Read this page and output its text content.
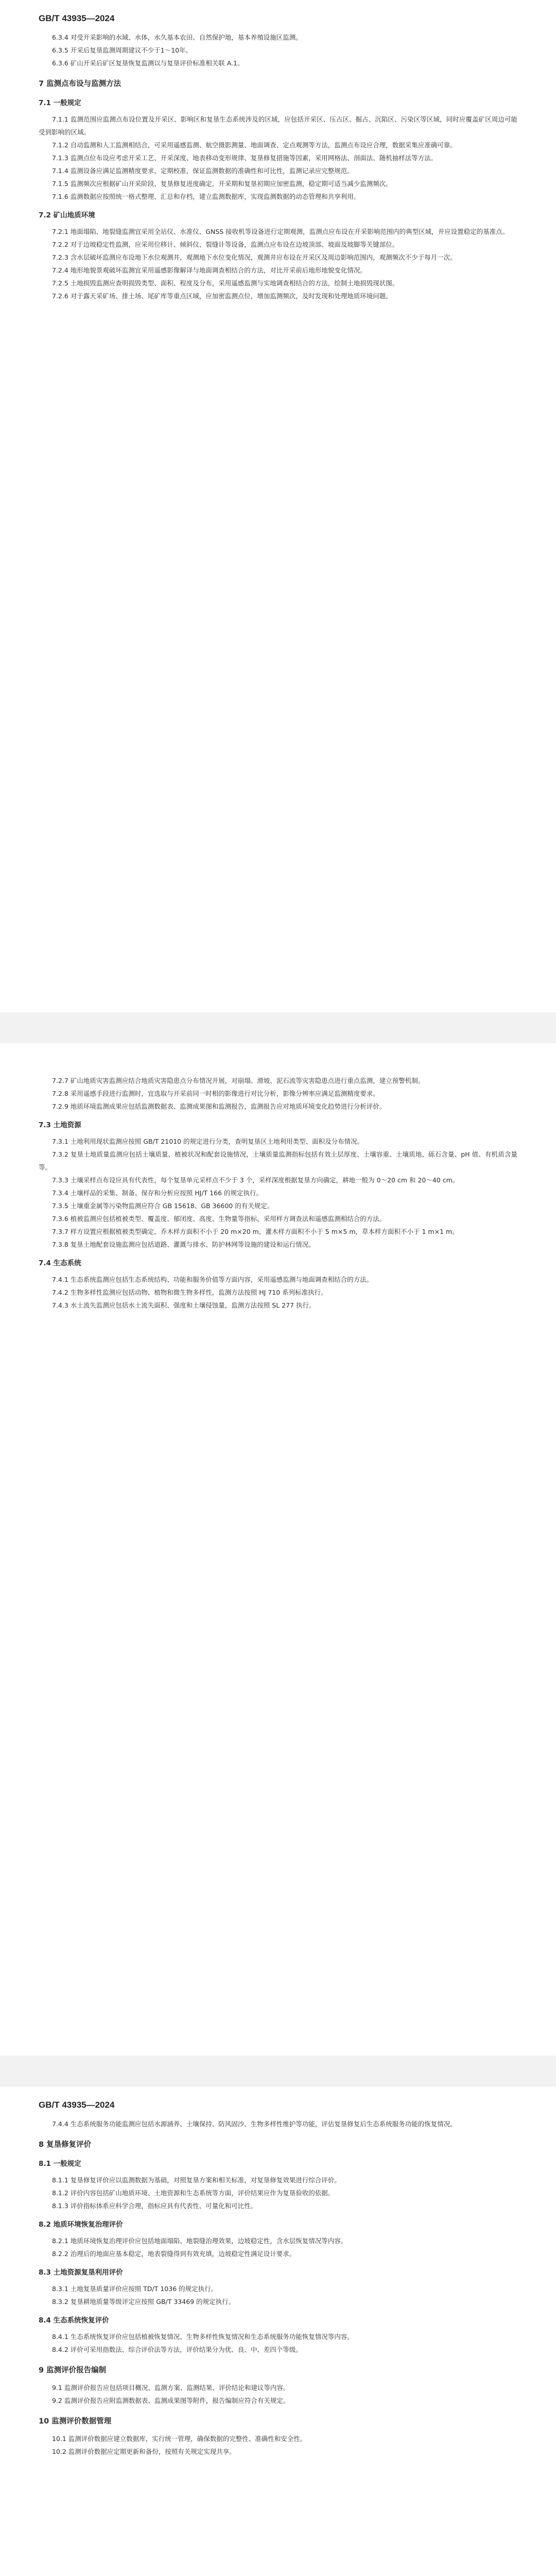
GB/T 43935—2024

6.3.4 对受开采影响的水域、水体，水久基本农田、自然保护地，基本养殖设施区监测。

6.3.5 开采后复垦监测周期建议不少于1～10年。

6.3.6 矿山开采后矿区复垦恢复监测以与复垦评价标准相关联 A.1。

7 监测点布设与监测方法
7.1 一般规定

7.1.1 监测范围应监测点布设位置及开采区、影响区和复垦生态系统涉及的区域，应包括开采区、压占区、掘占、沉陷区、污染区等区域，同时应覆盖矿区周边可能受到影响的区域。

7.1.2 自动监测和人工监测相结合，可采用遥感监测、航空摄影测量、地面调查、定点观测等方法，监测点布设应合理，数据采集应准确可靠。

7.1.3 监测点位布设应考虑开采工艺、开采深度、地表移动变形规律、复垦修复措施等因素，采用网格法、剖面法、随机抽样法等方法。

7.1.4 监测设备应满足监测精度要求，定期校准，保证监测数据的准确性和可比性，监测记录应完整规范。

7.1.5 监测频次应根据矿山开采阶段、复垦修复进度确定，开采期和复垦初期应加密监测，稳定期可适当减少监测频次。

7.1.6 监测数据应按照统一格式整理、汇总和存档，建立监测数据库，实现监测数据的动态管理和共享利用。

7.2 矿山地质环境

7.2.1 地面塌陷、地裂缝监测宜采用全站仪、水准仪、GNSS 接收机等设备进行定期观测，监测点应布设在开采影响范围内的典型区域，并应设置稳定的基准点。

7.2.2 对于边坡稳定性监测，应采用位移计、倾斜仪、裂缝计等设备，监测点应布设在边坡顶部、坡面及坡脚等关键部位。

7.2.3 含水层破坏监测应布设地下水位观测井，观测地下水位变化情况，观测井应布设在开采区及周边影响范围内，观测频次不少于每月一次。

7.2.4 地形地貌景观破坏监测宜采用遥感影像解译与地面调查相结合的方法，对比开采前后地形地貌变化情况。

7.2.5 土地损毁监测应查明损毁类型、面积、程度及分布，采用遥感监测与实地调查相结合的方法，绘制土地损毁现状图。

7.2.6 对于露天采矿场、排土场、尾矿库等重点区域，应加密监测点位，增加监测频次，及时发现和处理地质环境问题。

7.2.7 矿山地质灾害监测应结合地质灾害隐患点分布情况开展，对崩塌、滑坡、泥石流等灾害隐患点进行重点监测，建立预警机制。

7.2.8 采用遥感手段进行监测时，宜选取与开采前同一时相的影像进行对比分析，影像分辨率应满足监测精度要求。

7.2.9 地质环境监测成果应包括监测数据表、监测成果图和监测报告，监测报告应对地质环境变化趋势进行分析评价。

7.3 土地资源

7.3.1 土地利用现状监测应按照 GB/T 21010 的规定进行分类，查明复垦区土地利用类型、面积及分布情况。

7.3.2 复垦土地质量监测应包括土壤质量、植被状况和配套设施情况，土壤质量监测指标包括有效土层厚度、土壤容重、土壤质地、砾石含量、pH 值、有机质含量等。

7.3.3 土壤采样点布设应具有代表性，每个复垦单元采样点不少于 3 个，采样深度根据复垦方向确定，耕地一般为 0～20 cm 和 20～40 cm。

7.3.4 土壤样品的采集、制备、保存和分析应按照 HJ/T 166 的规定执行。

7.3.5 土壤重金属等污染物监测应符合 GB 15618、GB 36600 的有关规定。

7.3.6 植被监测应包括植被类型、覆盖度、郁闭度、高度、生物量等指标，采用样方调查法和遥感监测相结合的方法。

7.3.7 样方设置应根据植被类型确定，乔木样方面积不小于 20 m×20 m，灌木样方面积不小于 5 m×5 m，草本样方面积不小于 1 m×1 m。

7.3.8 复垦土地配套设施监测应包括道路、灌溉与排水、防护林网等设施的建设和运行情况。

7.4 生态系统

7.4.1 生态系统监测应包括生态系统结构、功能和服务价值等方面内容，采用遥感监测与地面调查相结合的方法。

7.4.2 生物多样性监测应包括动物、植物和微生物多样性，监测方法按照 HJ 710 系列标准执行。

7.4.3 水土流失监测应包括水土流失面积、强度和土壤侵蚀量，监测方法按照 SL 277 执行。

GB/T 43935—2024

7.4.4 生态系统服务功能监测应包括水源涵养、土壤保持、防风固沙、生物多样性维护等功能，评估复垦修复后生态系统服务功能的恢复情况。

8 复垦修复评价
8.1 一般规定

8.1.1 复垦修复评价应以监测数据为基础，对照复垦方案和相关标准，对复垦修复效果进行综合评价。

8.1.2 评价内容包括矿山地质环境、土地资源和生态系统等方面，评价结果应作为复垦验收的依据。

8.1.3 评价指标体系应科学合理，指标应具有代表性、可量化和可比性。

8.2 地质环境恢复治理评价

8.2.1 地质环境恢复治理评价应包括地面塌陷、地裂缝治理效果，边坡稳定性，含水层恢复情况等内容。

8.2.2 治理后的地面应基本稳定，地表裂缝得到有效充填，边坡稳定性满足设计要求。

8.3 土地资源复垦利用评价

8.3.1 土地复垦质量评价应按照 TD/T 1036 的规定执行。

8.3.2 复垦耕地质量等级评定应按照 GB/T 33469 的规定执行。

8.4 生态系统恢复评价

8.4.1 生态系统恢复评价应包括植被恢复情况、生物多样性恢复情况和生态系统服务功能恢复情况等内容。

8.4.2 评价可采用指数法、综合评价法等方法，评价结果分为优、良、中、差四个等级。

9 监测评价报告编制

9.1 监测评价报告应包括项目概况、监测方案、监测结果、评价结论和建议等内容。

9.2 监测评价报告应附监测数据表、监测成果图等附件，报告编制应符合有关规定。

10 监测评价数据管理

10.1 监测评价数据应建立数据库，实行统一管理，确保数据的完整性、准确性和安全性。

10.2 监测评价数据应定期更新和备份，按照有关规定实现共享。
